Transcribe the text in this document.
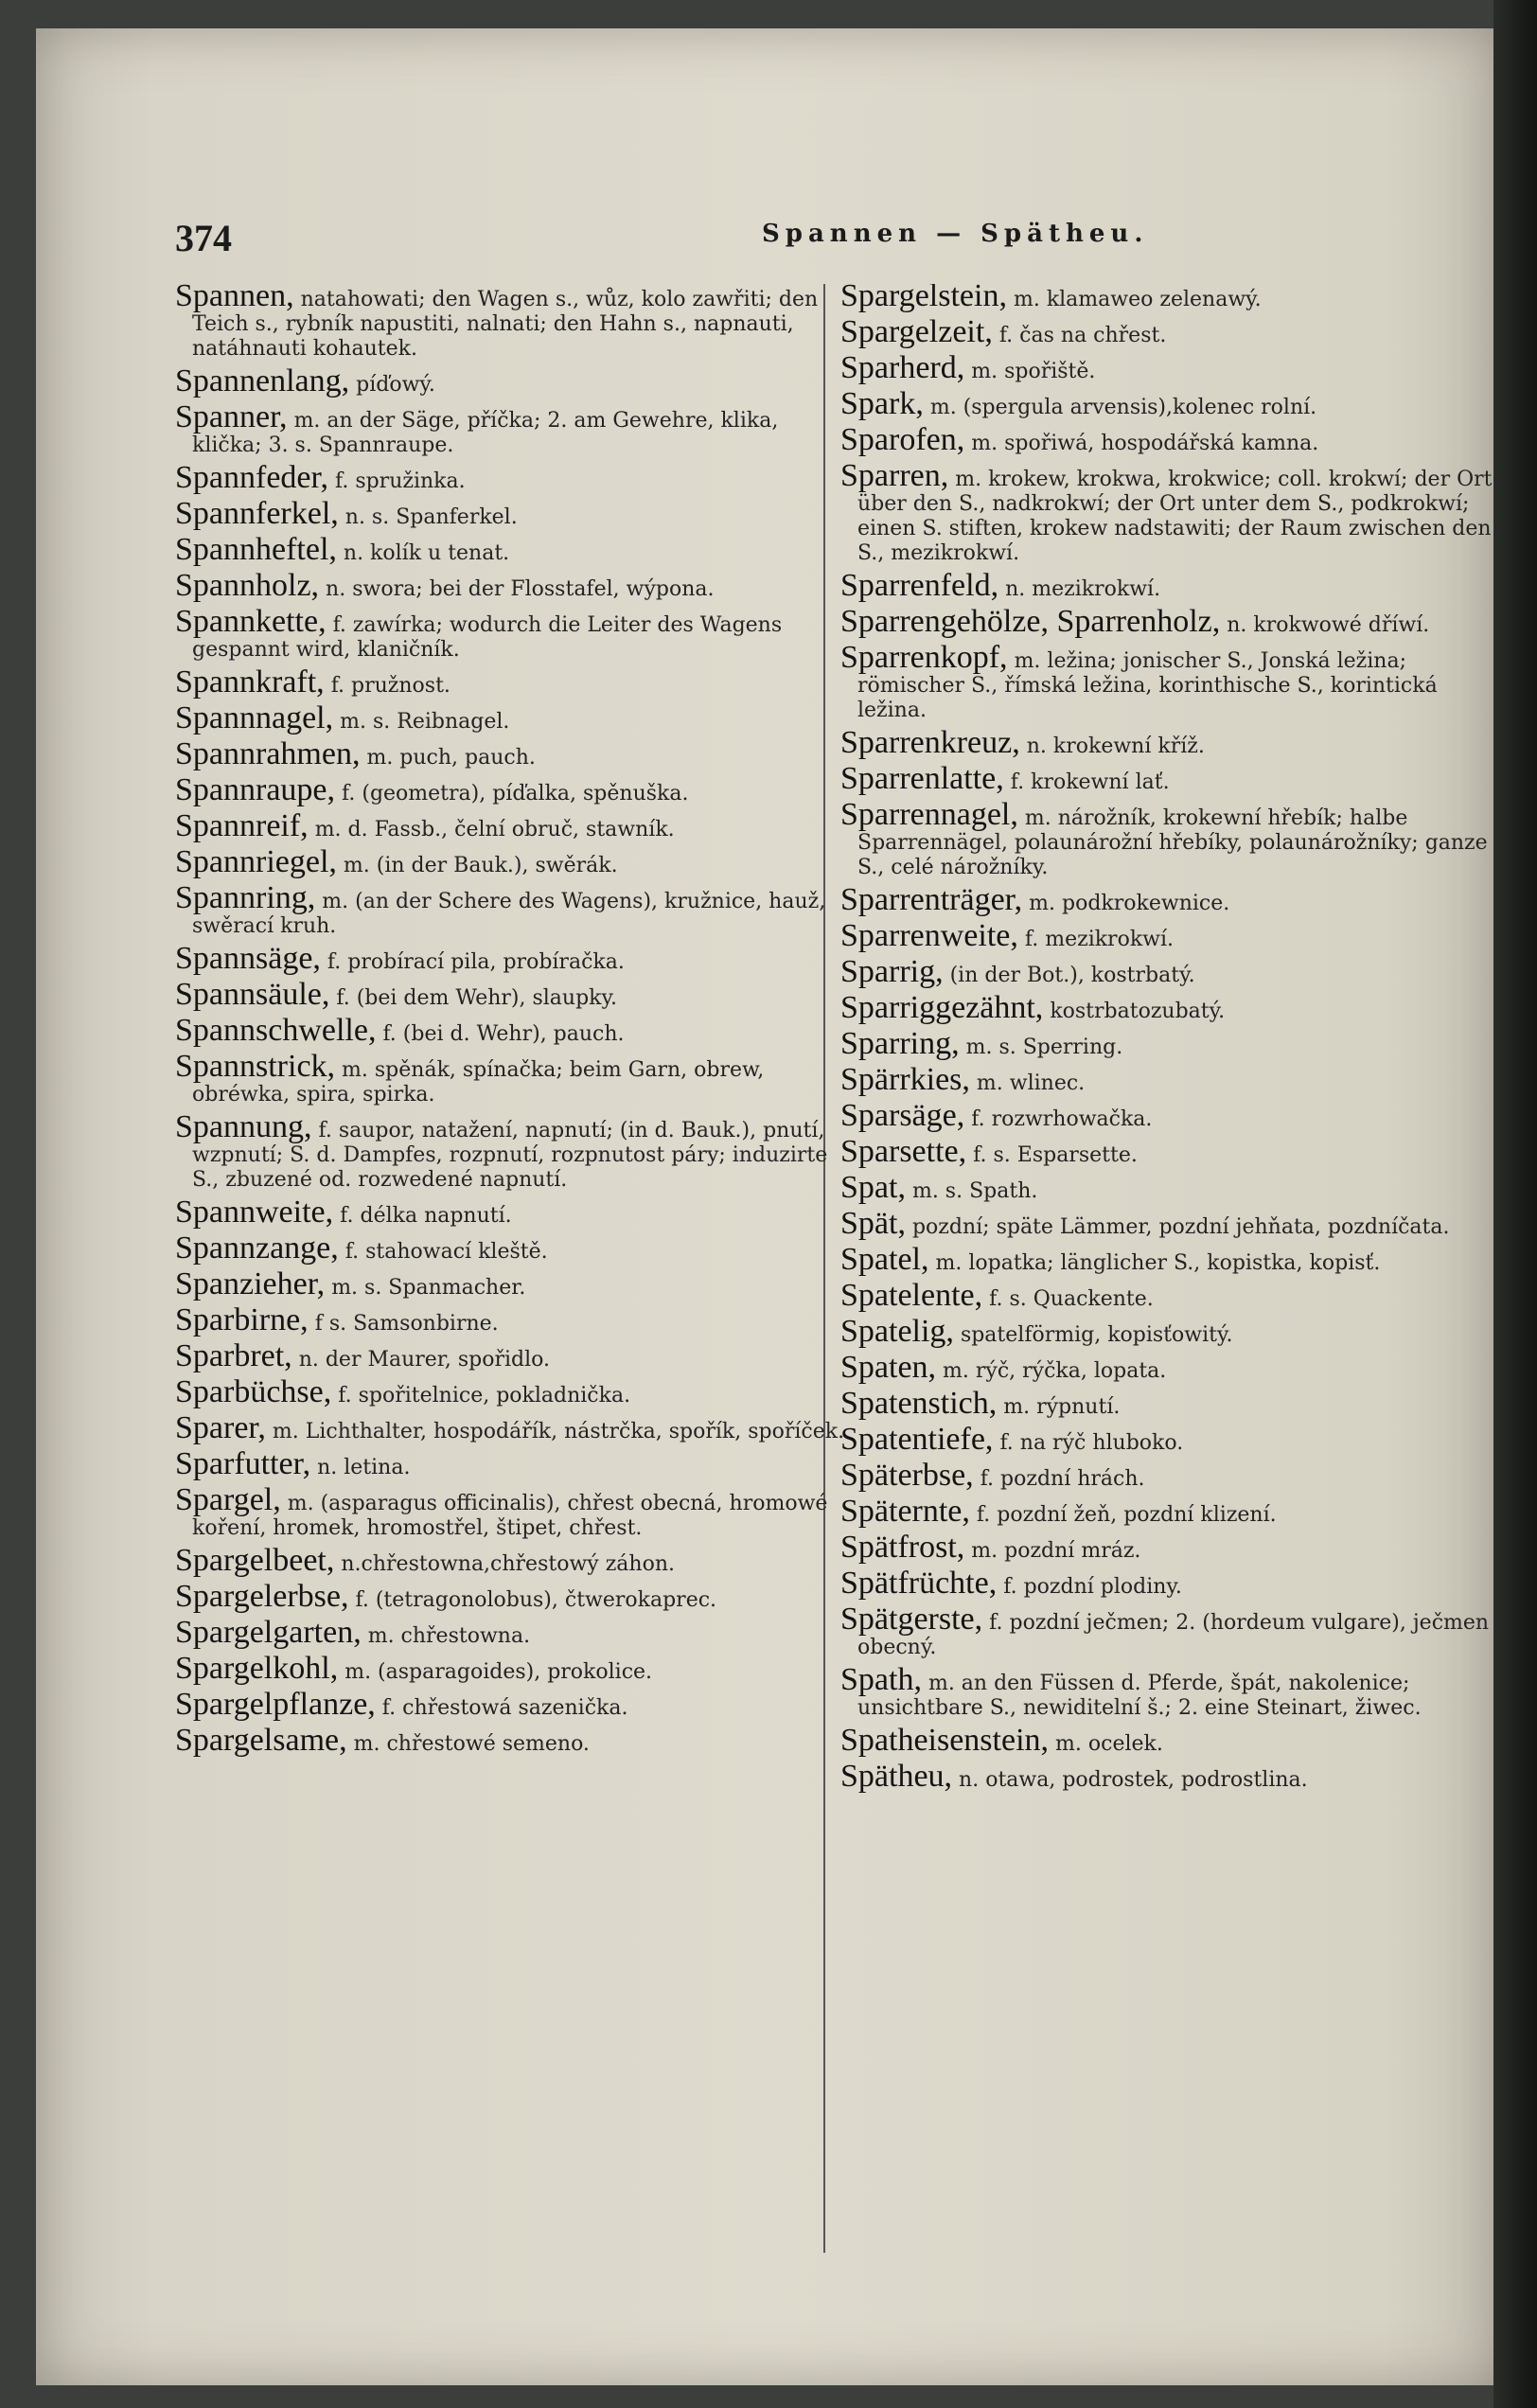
374	Spannen — Spätheu.
Spannen, natahowati; den Wagen s., wůz, kolo zawřiti; den Teich s., rybník napustiti, nalnati; den Hahn s., napnauti, natáhnauti kohautek.
Spannenlang, píďowý.
Spanner, m. an der Säge, příčka; 2. am Gewehre, klika, klička; 3. s. Spannraupe.
Spannfeder, f. spružinka.
Spannferkel, n. s. Spanferkel.
Spannheftel, n. kolík u tenat.
Spannholz, n. swora; bei der Flosstafel, wýpona.
Spannkette, f. zawírka; wodurch die Leiter des Wagens gespannt wird, klaničník.
Spannkraft, f. pružnost.
Spannnagel, m. s. Reibnagel.
Spannrahmen, m. puch, pauch.
Spannraupe, f. (geometra), píďalka, spěnuška.
Spannreif, m. d. Fassb., čelní obruč, stawník.
Spannriegel, m. (in der Bauk.), swěrák.
Spannring, m. (an der Schere des Wagens), kružnice, hauž, swěrací kruh.
Spannsäge, f. probírací pila, probíračka.
Spannsäule, f. (bei dem Wehr), slaupky.
Spannschwelle, f. (bei d. Wehr), pauch.
Spannstrick, m. spěnák, spínačka; beim Garn, obrew, obréwka, spira, spirka.
Spannung, f. saupor, natažení, napnutí; (in d. Bauk.), pnutí, wzpnutí; S. d. Dampfes, rozpnutí, rozpnutost páry; induzirte S., zbuzené od. rozwedené napnutí.
Spannweite, f. délka napnutí.
Spannzange, f. stahowací kleště.
Spanzieher, m. s. Spanmacher.
Sparbirne, f s. Samsonbirne.
Sparbret, n. der Maurer, spořidlo.
Sparbüchse, f. spořitelnice, pokladnička.
Sparer, m. Lichthalter, hospodářík, nástrčka, spořík, spoříček.
Sparfutter, n. letina.
Spargel, m. (asparagus officinalis), chřest obecná, hromowé koření, hromek, hromostřel, štipet, chřest.
Spargelbeet, n.chřestowna,chřestowý záhon.
Spargelerbse, f. (tetragonolobus), čtwerokaprec.
Spargelgarten, m. chřestowna.
Spargelkohl, m. (asparagoides), prokolice.
Spargelpflanze, f. chřestowá sazenička.
Spargelsame, m. chřestowé semeno.
Spargelstein, m. klamaweo zelenawý.
Spargelzeit, f. čas na chřest.
Sparherd, m. spořiště.
Spark, m. (spergula arvensis),kolenec rolní.
Sparofen, m. spořiwá, hospodářská kamna.
Sparren, m. krokew, krokwa, krokwice; coll. krokwí; der Ort über den S., nadkrokwí; der Ort unter dem S., podkrokwí; einen S. stiften, krokew nadstawiti; der Raum zwischen den S., mezikrokwí.
Sparrenfeld, n. mezikrokwí.
Sparrengehölze, Sparrenholz, n. krokwowé dříwí.
Sparrenkopf, m. ležina; jonischer S., Jonská ležina; römischer S., římská ležina, korinthische S., korintická ležina.
Sparrenkreuz, n. krokewní kříž.
Sparrenlatte, f. krokewní lať.
Sparrennagel, m. nárožník, krokewní hřebík; halbe Sparrennägel, polaunárožní hřebíky, polaunárožníky; ganze S., celé nárožníky.
Sparrenträger, m. podkrokewnice.
Sparrenweite, f. mezikrokwí.
Sparrig, (in der Bot.), kostrbatý.
Sparriggezähnt, kostrbatozubatý.
Sparring, m. s. Sperring.
Spärrkies, m. wlinec.
Sparsäge, f. rozwrhowačka.
Sparsette, f. s. Esparsette.
Spat, m. s. Spath.
Spät, pozdní; späte Lämmer, pozdní jehňata, pozdníčata.
Spatel, m. lopatka; länglicher S., kopistka, kopisť.
Spatelente, f. s. Quackente.
Spatelig, spatelförmig, kopisťowitý.
Spaten, m. rýč, rýčka, lopata.
Spatenstich, m. rýpnutí.
Spatentiefe, f. na rýč hluboko.
Späterbse, f. pozdní hrách.
Späternte, f. pozdní žeň, pozdní klizení.
Spätfrost, m. pozdní mráz.
Spätfrüchte, f. pozdní plodiny.
Spätgerste, f. pozdní ječmen; 2. (hordeum vulgare), ječmen obecný.
Spath, m. an den Füssen d. Pferde, špát, nakolenice; unsichtbare S., newiditelní š.; 2. eine Steinart, žiwec.
Spatheisenstein, m. ocelek.
Spätheu, n. otawa, podrostek, podrostlina.
